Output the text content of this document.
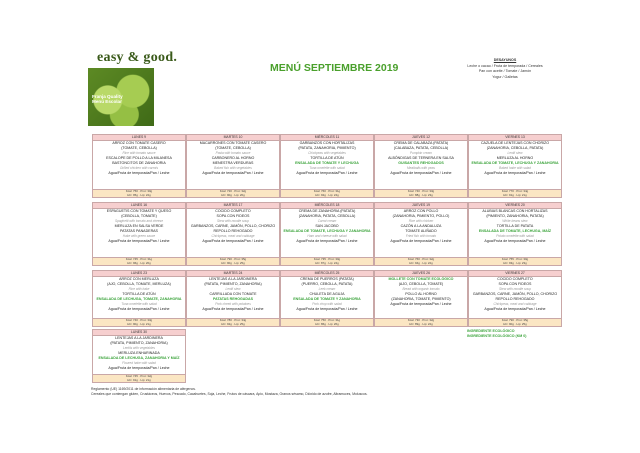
easy & good.
Franja Quality
Menú Escolar
MENÚ SEPTIEMBRE 2019
DESAYUNOS
Leche o cacao / Fruta de temporada / Cereales
Pan con aceite / Tomate / Jamón
Yogur / Galletas
LUNES 9
ARROZ CON TOMATE CASERO
(TOMATE, CEBOLLA)
Rice with tomato sauce
ESCALOPE DE POLLO A LA MILANESA
BASTONCITOS DE ZANAHORIA
Grilled chicken with carrots
Agua/Fruta de temporada/Pan / Leche
Kcal: 750 · Prot: 30g
HC: 95g · Lip: 22g
MARTES 10
MACARRONES CON TOMATE CASERO
(TOMATE, CEBOLLA)
Pasta with tomato sauce
CARBONERO AL HORNO
MENESTRA VERDURAS
Baked fish with vegetables
Agua/Fruta de temporada/Pan / Leche
Kcal: 720 · Prot: 32g
HC: 90g · Lip: 20g
MIÉRCOLES 11
GARBANZOS CON HORTALIZAS
(PATATA, ZANAHORIA, PIMIENTO)
Chickpeas with vegetables
TORTILLA DE ATÚN
ENSALADA DE TOMATE Y LECHUGA
Tuna omelette with salad
Agua/Fruta de temporada/Pan / Leche
Kcal: 760 · Prot: 31g
HC: 92g · Lip: 24g
JUEVES 12
CREMA DE CALABAZA (PATATA)
(CALABAZA, PATATA, CEBOLLA)
Pumpkin cream
ALBÓNDIGAS DE TERNERA EN SALSA
GUISANTES REHOGADOS
Meatballs with peas
Agua/Fruta de temporada/Pan / Leche
Kcal: 740 · Prot: 33g
HC: 88g · Lip: 23g
VIERNES 13
CAZUELA DE LENTEJAS CON CHORIZO
(ZANAHORIA, CEBOLLA, PATATA)
Lentil stew
MERLUZA AL HORNO
ENSALADA DE TOMATE, LECHUGA Y ZANAHORIA
Baked hake with salad
Agua/Fruta de temporada/Pan / Leche
Kcal: 770 · Prot: 34g
HC: 91g · Lip: 21g
LUNES 16
ESPAGUETIS CON TOMATE Y QUESO
(CEBOLLA, TOMATE)
Spaghetti with tomato and cheese
MERLUZA EN SALSA VERDE
PATATAS PANADERAS
Hake with green sauce
Agua/Fruta de temporada/Pan / Leche
Kcal: 745 · Prot: 31g
HC: 96g · Lip: 20g
MARTES 17
COCIDO COMPLETO
SOPA CON FIDEOS
Stew with noodle soup
GARBANZOS, CARNE, JAMÓN, POLLO, CHORIZO
REPOLLO REHOGADO
Chickpeas, meat and cabbage
Agua/Fruta de temporada/Pan / Leche
Kcal: 790 · Prot: 35g
HC: 90g · Lip: 25g
MIÉRCOLES 18
CREMA DE ZANAHORIA (PATATA)
(ZANAHORIA, PATATA, CEBOLLA)
Carrot cream
SAN JACOBO
ENSALADA DE TOMATE, LECHUGA Y ZANAHORIA
Ham and cheese with salad
Agua/Fruta de temporada/Pan / Leche
Kcal: 735 · Prot: 30g
HC: 87g · Lip: 24g
JUEVES 19
ARROZ CON POLLO
(ZANAHORIA, PIMIENTO, POLLO)
Rice with chicken
CAZÓN A LA ANDALUZA
TOMATE ALIÑADO
Fried fish with tomato
Agua/Fruta de temporada/Pan / Leche
Kcal: 760 · Prot: 32g
HC: 94g · Lip: 22g
VIERNES 20
ALUBIAS BLANCAS CON HORTALIZAS
(PIMIENTO, ZANAHORIA, PATATA)
White beans stew
TORTILLA DE PATATA
ENSALADA DE TOMATE, LECHUGA, MAÍZ
Potato omelette with salad
Agua/Fruta de temporada/Pan / Leche
Kcal: 755 · Prot: 30g
HC: 93g · Lip: 23g
LUNES 23
ARROZ CON MERLUZA
(AJO, CEBOLLA, TOMATE, MERLUZA)
Rice with hake
TORTILLA DE ATÚN
ENSALADA DE LECHUGA, TOMATE, ZANAHORIA
Tuna omelette with salad
Agua/Fruta de temporada/Pan / Leche
Kcal: 740 · Prot: 33g
HC: 90g · Lip: 21g
MARTES 24
LENTEJAS A LA JARDINERA
(PATATA, PIMIENTO, ZANAHORIA)
Lentil stew
CARRILLADA CON TOMATE
PATATAS REHOGADAS
Pork cheek with potatoes
Agua/Fruta de temporada/Pan / Leche
Kcal: 780 · Prot: 34g
HC: 92g · Lip: 25g
MIÉRCOLES 25
CREMA DE PUERROS (PATATA)
(PUERRO, CEBOLLA, PATATA)
Leek cream
CHULETA DE AGUJA
ENSALADA DE TOMATE Y ZANAHORIA
Pork chop with salad
Agua/Fruta de temporada/Pan / Leche
Kcal: 750 · Prot: 31g
HC: 86g · Lip: 26g
JUEVES 26
MOLLETE CON TOMATE ECOLÓGICO
(AJO, CEBOLLA, TOMATE)
Bread with organic tomato
POLLO AL HORNO
(ZANAHORIA, TOMATE, PIMIENTO)
Agua/Fruta de temporada/Pan / Leche
Kcal: 730 · Prot: 32g
HC: 89g · Lip: 22g
VIERNES 27
COCIDO COMPLETO
SOPA CON FIDEOS
Stew with noodle soup
GARBANZOS, CARNE, JAMÓN, POLLO, CHORIZO
REPOLLO REHOGADO
Chickpeas, meat and cabbage
Agua/Fruta de temporada/Pan / Leche
Kcal: 790 · Prot: 35g
HC: 90g · Lip: 25g
LUNES 30
LENTEJAS A LA JARDINERA
(PATATA, PIMIENTO, ZANAHORIA)
Lentils with vegetables
MERLUZA ENHARINADA
ENSALADA DE LECHUGA, ZANAHORIA Y MAÍZ
Floured hake with salad
Agua/Fruta de temporada/Pan / Leche
Kcal: 745 · Prot: 32g
HC: 91g · Lip: 21g
INGREDIENTE ECOLÓGICO
INGREDIENTE ECOLÓGICO (KM 0)
Reglamento (UE) 1169/2011 de información alimentaria de alérgenos.
Cereales que contengan gluten, Crustáceos, Huevos, Pescado, Cacahuetes, Soja, Leche, Frutos de cáscara, Apio, Mostaza, Granos sésamo, Dióxido de azufre, Altramuces, Moluscos.
